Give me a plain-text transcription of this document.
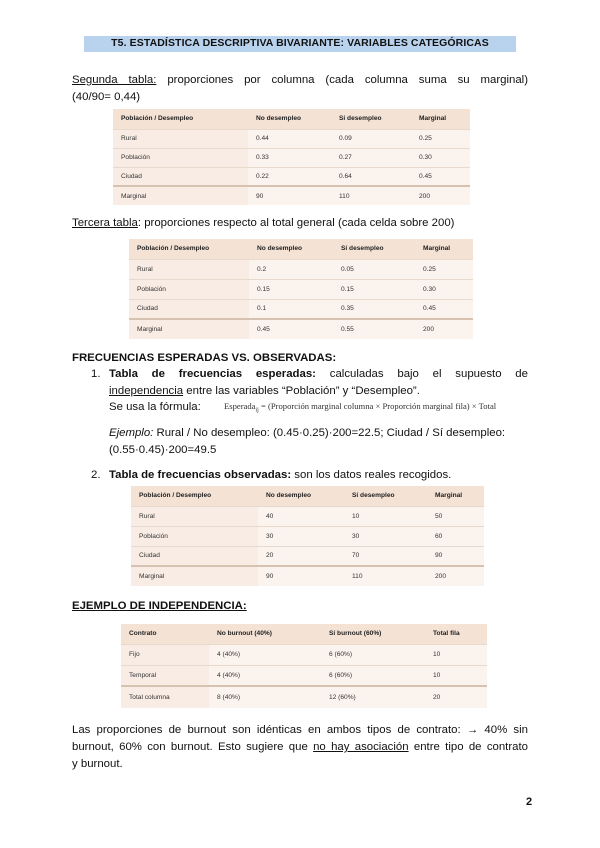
T5. ESTADÍSTICA DESCRIPTIVA BIVARIANTE: VARIABLES CATEGÓRICAS
Segunda tabla: proporciones por columna (cada columna suma su marginal)
(40/90= 0,44)
Población / Desempleo	No desempleo	Sí desempleo	Marginal
Rural	0.44	0.09	0.25
Población	0.33	0.27	0.30
Ciudad	0.22	0.64	0.45
Marginal	90	110	200
Tercera tabla: proporciones respecto al total general (cada celda sobre 200)
Población / Desempleo	No desempleo	Sí desempleo	Marginal
Rural	0.2	0.05	0.25
Población	0.15	0.15	0.30
Ciudad	0.1	0.35	0.45
Marginal	0.45	0.55	200
FRECUENCIAS ESPERADAS VS. OBSERVADAS:
1. Tabla de frecuencias esperadas: calculadas bajo el supuesto de
independencia entre las variables “Población” y “Desempleo”.
Se usa la fórmula:	Esperada$_{ij}$ = (Proporción marginal columna × Proporción marginal fila) × Total
Ejemplo: Rural / No desempleo: (0.45·0.25)·200=22.5; Ciudad / Sí desempleo:
(0.55·0.45)·200=49.5
2. Tabla de frecuencias observadas: son los datos reales recogidos.
Población / Desempleo	No desempleo	Sí desempleo	Marginal
Rural	40	10	50
Población	30	30	60
Ciudad	20	70	90
Marginal	90	110	200
EJEMPLO DE INDEPENDENCIA:
Contrato	No burnout (40%)	Sí burnout (60%)	Total fila
Fijo	4 (40%)	6 (60%)	10
Temporal	4 (40%)	6 (60%)	10
Total columna	8 (40%)	12 (60%)	20
Las proporciones de burnout son idénticas en ambos tipos de contrato: → 40% sin
burnout, 60% con burnout. Esto sugiere que no hay asociación entre tipo de contrato
y burnout.
2
